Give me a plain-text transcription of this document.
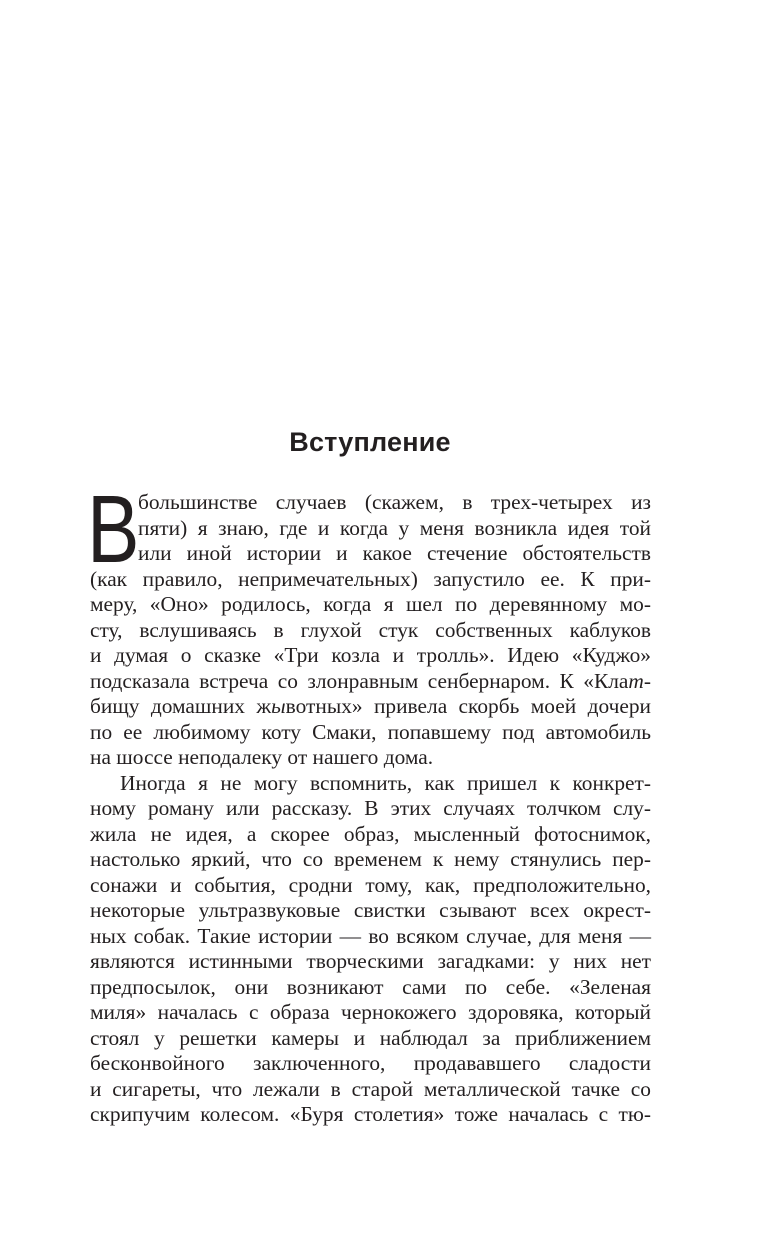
Вступление
В
большинстве случаев (скажем, в трех-четырех из
пяти) я знаю, где и когда у меня возникла идея той
или иной истории и какое стечение обстоятельств
(как правило, непримечательных) запустило ее. К при-
меру, «Оно» родилось, когда я шел по деревянному мо-
сту, вслушиваясь в глухой стук собственных каблуков
и думая о сказке «Три козла и тролль». Идею «Куджо»
подсказала встреча со злонравным сенбернаром. К «Клат-
бищу домашних жывотных» привела скорбь моей дочери
по ее любимому коту Смаки, попавшему под автомобиль
на шоссе неподалеку от нашего дома.
Иногда я не могу вспомнить, как пришел к конкрет-
ному роману или рассказу. В этих случаях толчком слу-
жила не идея, а скорее образ, мысленный фотоснимок,
настолько яркий, что со временем к нему стянулись пер-
сонажи и события, сродни тому, как, предположительно,
некоторые ультразвуковые свистки сзывают всех окрест-
ных собак. Такие истории — во всяком случае, для меня —
являются истинными творческими загадками: у них нет
предпосылок, они возникают сами по себе. «Зеленая
миля» началась с образа чернокожего здоровяка, который
стоял у решетки камеры и наблюдал за приближением
бесконвойного заключенного, продававшего сладости
и сигареты, что лежали в старой металлической тачке со
скрипучим колесом. «Буря столетия» тоже началась с тю-
